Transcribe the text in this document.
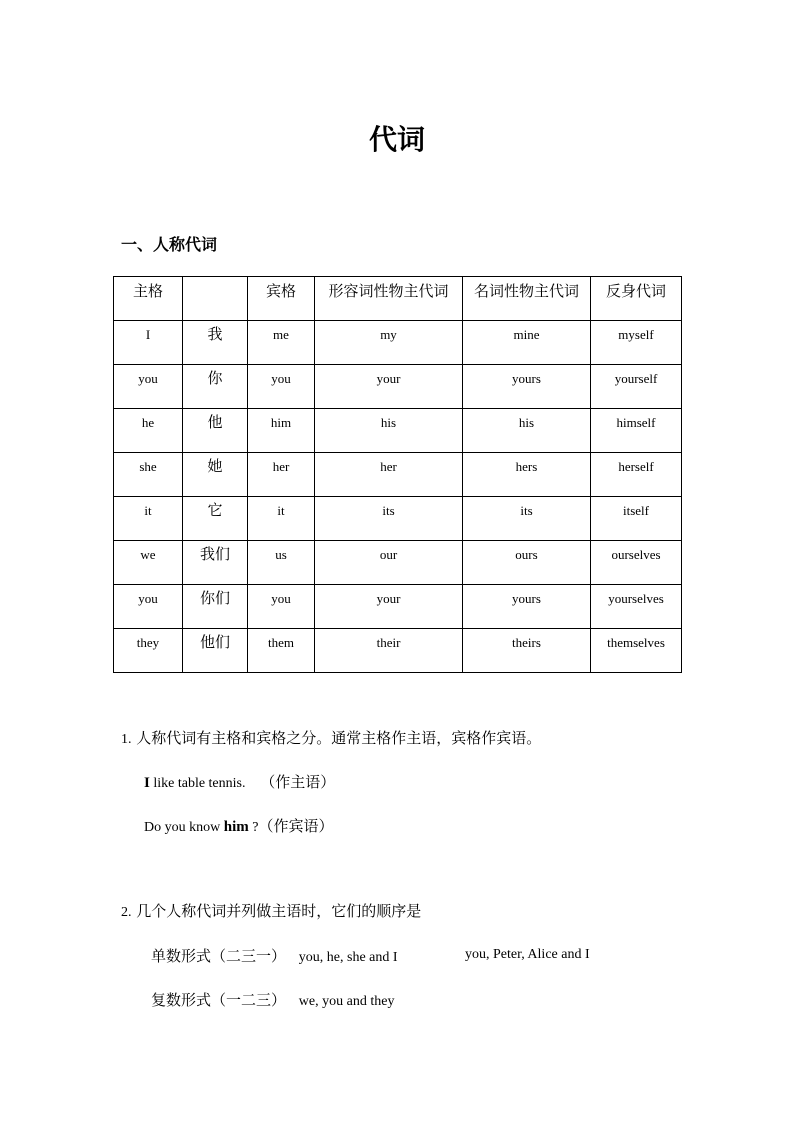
代词
一、人称代词
主格		宾格	形容词性物主代词	名词性物主代词	反身代词
I	我	me	my	mine	myself
you	你	you	your	yours	yourself
he	他	him	his	his	himself
she	她	her	her	hers	herself
it	它	it	its	its	itself
we	我们	us	our	ours	ourselves
you	你们	you	your	yours	yourselves
they	他们	them	their	theirs	themselves
1. 人称代词有主格和宾格之分。通常主格作主语，宾格作宾语。
I like table tennis. （作主语）
Do you know him ?（作宾语）
2. 几个人称代词并列做主语时，它们的顺序是
单数形式（二三一） you, he, she and I	you, Peter, Alice and I
复数形式（一二三） we, you and they
